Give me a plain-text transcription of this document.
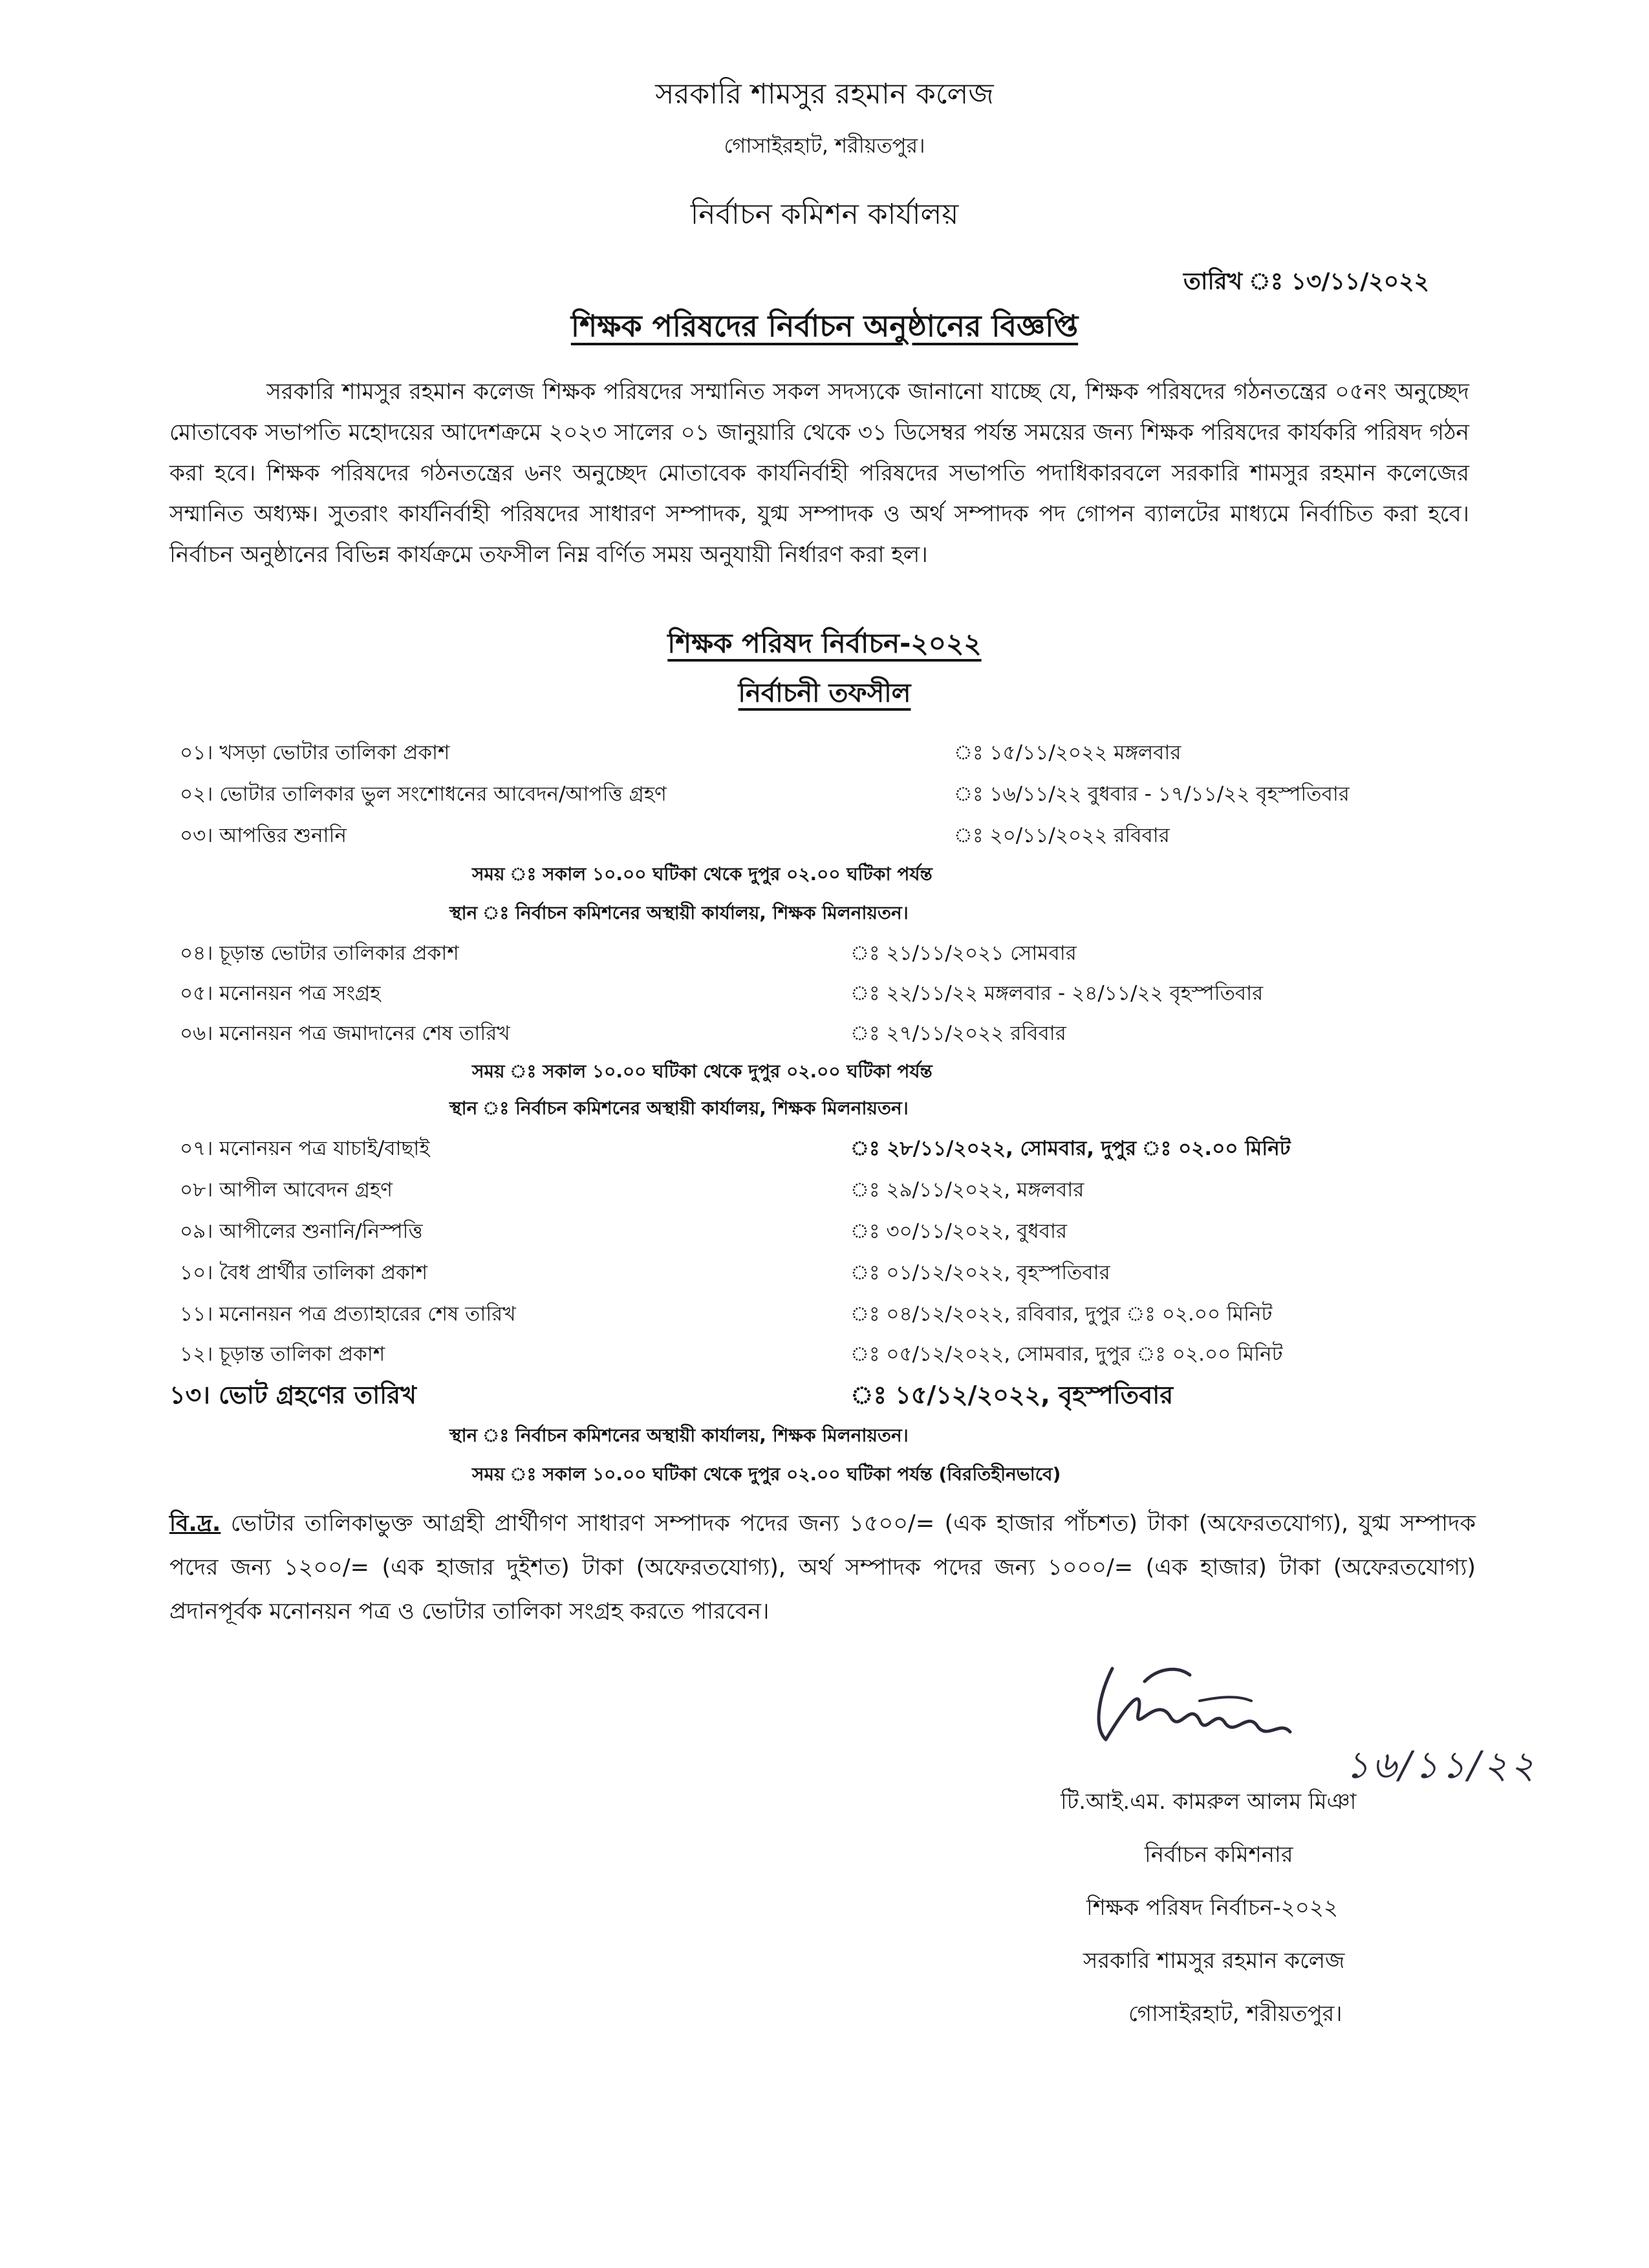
সরকারি শামসুর রহমান কলেজ
গোসাইরহাট, শরীয়তপুর।
নির্বাচন কমিশন কার্যালয়
তারিখ ঃ ১৩/১১/২০২২
শিক্ষক পরিষদের নির্বাচন অনুষ্ঠানের বিজ্ঞপ্তি
সরকারি শামসুর রহমান কলেজ শিক্ষক পরিষদের সম্মানিত সকল সদস্যকে জানানো যাচ্ছে যে, শিক্ষক পরিষদের গঠনতন্ত্রের ০৫নং অনুচ্ছেদ মোতাবেক সভাপতি মহোদয়ের আদেশক্রমে ২০২৩ সালের ০১ জানুয়ারি থেকে ৩১ ডিসেম্বর পর্যন্ত সময়ের জন্য শিক্ষক পরিষদের কার্যকরি পরিষদ গঠন করা হবে। শিক্ষক পরিষদের গঠনতন্ত্রের ৬নং অনুচ্ছেদ মোতাবেক কার্যনির্বাহী পরিষদের সভাপতি পদাধিকারবলে সরকারি শামসুর রহমান কলেজের সম্মানিত অধ্যক্ষ। সুতরাং কার্যনির্বাহী পরিষদের সাধারণ সম্পাদক, যুগ্ম সম্পাদক ও অর্থ সম্পাদক পদ গোপন ব্যালটের মাধ্যমে নির্বাচিত করা হবে। নির্বাচন অনুষ্ঠানের বিভিন্ন কার্যক্রমে তফসীল নিম্ন বর্ণিত সময় অনুযায়ী নির্ধারণ করা হল।
শিক্ষক পরিষদ নির্বাচন-২০২২
নির্বাচনী তফসীল
০১। খসড়া ভোটার তালিকা প্রকাশ	ঃ ১৫/১১/২০২২ মঙ্গলবার
০২। ভোটার তালিকার ভুল সংশোধনের আবেদন/আপত্তি গ্রহণ	ঃ ১৬/১১/২২ বুধবার - ১৭/১১/২২ বৃহস্পতিবার
০৩। আপত্তির শুনানি	ঃ ২০/১১/২০২২ রবিবার
সময় ঃ সকাল ১০.০০ ঘটিকা থেকে দুপুর ০২.০০ ঘটিকা পর্যন্ত
স্থান ঃ নির্বাচন কমিশনের অস্থায়ী কার্যালয়, শিক্ষক মিলনায়তন।
০৪। চূড়ান্ত ভোটার তালিকার প্রকাশ	ঃ ২১/১১/২০২১ সোমবার
০৫। মনোনয়ন পত্র সংগ্রহ	ঃ ২২/১১/২২ মঙ্গলবার - ২৪/১১/২২ বৃহস্পতিবার
০৬। মনোনয়ন পত্র জমাদানের শেষ তারিখ	ঃ ২৭/১১/২০২২ রবিবার
সময় ঃ সকাল ১০.০০ ঘটিকা থেকে দুপুর ০২.০০ ঘটিকা পর্যন্ত
স্থান ঃ নির্বাচন কমিশনের অস্থায়ী কার্যালয়, শিক্ষক মিলনায়তন।
০৭। মনোনয়ন পত্র যাচাই/বাছাই	ঃ ২৮/১১/২০২২, সোমবার, দুপুর ঃ ০২.০০ মিনিট
০৮। আপীল আবেদন গ্রহণ	ঃ ২৯/১১/২০২২, মঙ্গলবার
০৯। আপীলের শুনানি/নিস্পত্তি	ঃ ৩০/১১/২০২২, বুধবার
১০। বৈধ প্রার্থীর তালিকা প্রকাশ	ঃ ০১/১২/২০২২, বৃহস্পতিবার
১১। মনোনয়ন পত্র প্রত্যাহারের শেষ তারিখ	ঃ ০৪/১২/২০২২, রবিবার, দুপুর ঃ ০২.০০ মিনিট
১২। চূড়ান্ত তালিকা প্রকাশ	ঃ ০৫/১২/২০২২, সোমবার, দুপুর ঃ ০২.০০ মিনিট
১৩। ভোট গ্রহণের তারিখ	ঃ ১৫/১২/২০২২, বৃহস্পতিবার
স্থান ঃ নির্বাচন কমিশনের অস্থায়ী কার্যালয়, শিক্ষক মিলনায়তন।
সময় ঃ সকাল ১০.০০ ঘটিকা থেকে দুপুর ০২.০০ ঘটিকা পর্যন্ত (বিরতিহীনভাবে)
বি.দ্র. ভোটার তালিকাভুক্ত আগ্রহী প্রার্থীগণ সাধারণ সম্পাদক পদের জন্য ১৫০০/= (এক হাজার পাঁচশত) টাকা (অফেরতযোগ্য), যুগ্ম সম্পাদক পদের জন্য ১২০০/= (এক হাজার দুইশত) টাকা (অফেরতযোগ্য), অর্থ সম্পাদক পদের জন্য ১০০০/= (এক হাজার) টাকা (অফেরতযোগ্য) প্রদানপূর্বক মনোনয়ন পত্র ও ভোটার তালিকা সংগ্রহ করতে পারবেন।
১৬/১১/২২
টি.আই.এম. কামরুল আলম মিঞা
নির্বাচন কমিশনার
শিক্ষক পরিষদ নির্বাচন-২০২২
সরকারি শামসুর রহমান কলেজ
গোসাইরহাট, শরীয়তপুর।
